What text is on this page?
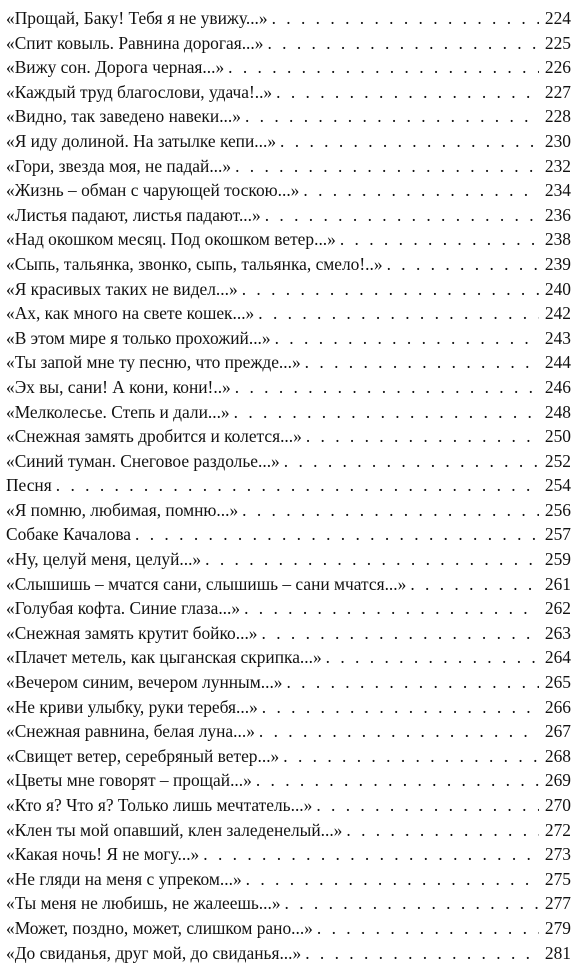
«Прощай, Баку! Тебя я не увижу...» . . .	224
«Спит ковыль. Равнина дорогая...» . . .	225
«Вижу сон. Дорога черная...» . . .	226
«Каждый труд благослови, удача!..» . . .	227
«Видно, так заведено навеки...» . . .	228
«Я иду долиной. На затылке кепи...» . . .	230
«Гори, звезда моя, не падай...» . . .	232
«Жизнь – обман с чарующей тоскою...» . . .	234
«Листья падают, листья падают...» . . .	236
«Над окошком месяц. Под окошком ветер...» . . .	238
«Сыпь, тальянка, звонко, сыпь, тальянка, смело!..» . . .	239
«Я красивых таких не видел...» . . .	240
«Ах, как много на свете кошек...» . . .	242
«В этом мире я только прохожий...» . . .	243
«Ты запой мне ту песню, что прежде...» . . .	244
«Эх вы, сани! А кони, кони!..» . . .	246
«Мелколесье. Степь и дали...» . . .	248
«Снежная замять дробится и колется...» . . .	250
«Синий туман. Снеговое раздолье...» . . .	252
Песня . . .	254
«Я помню, любимая, помню...» . . .	256
Собаке Качалова . . .	257
«Ну, целуй меня, целуй...» . . .	259
«Слышишь – мчатся сани, слышишь – сани мчатся...» . . .	261
«Голубая кофта. Синие глаза...» . . .	262
«Снежная замять крутит бойко...» . . .	263
«Плачет метель, как цыганская скрипка...» . . .	264
«Вечером синим, вечером лунным...» . . .	265
«Не криви улыбку, руки теребя...» . . .	266
«Снежная равнина, белая луна...» . . .	267
«Свищет ветер, серебряный ветер...» . . .	268
«Цветы мне говорят – прощай...» . . .	269
«Кто я? Что я? Только лишь мечтатель...» . . .	270
«Клен ты мой опавший, клен заледенелый...» . . .	272
«Какая ночь! Я не могу...» . . .	273
«Не гляди на меня с упреком...» . . .	275
«Ты меня не любишь, не жалеешь...» . . .	277
«Может, поздно, может, слишком рано...» . . .	279
«До свиданья, друг мой, до свиданья...» . . .	281
